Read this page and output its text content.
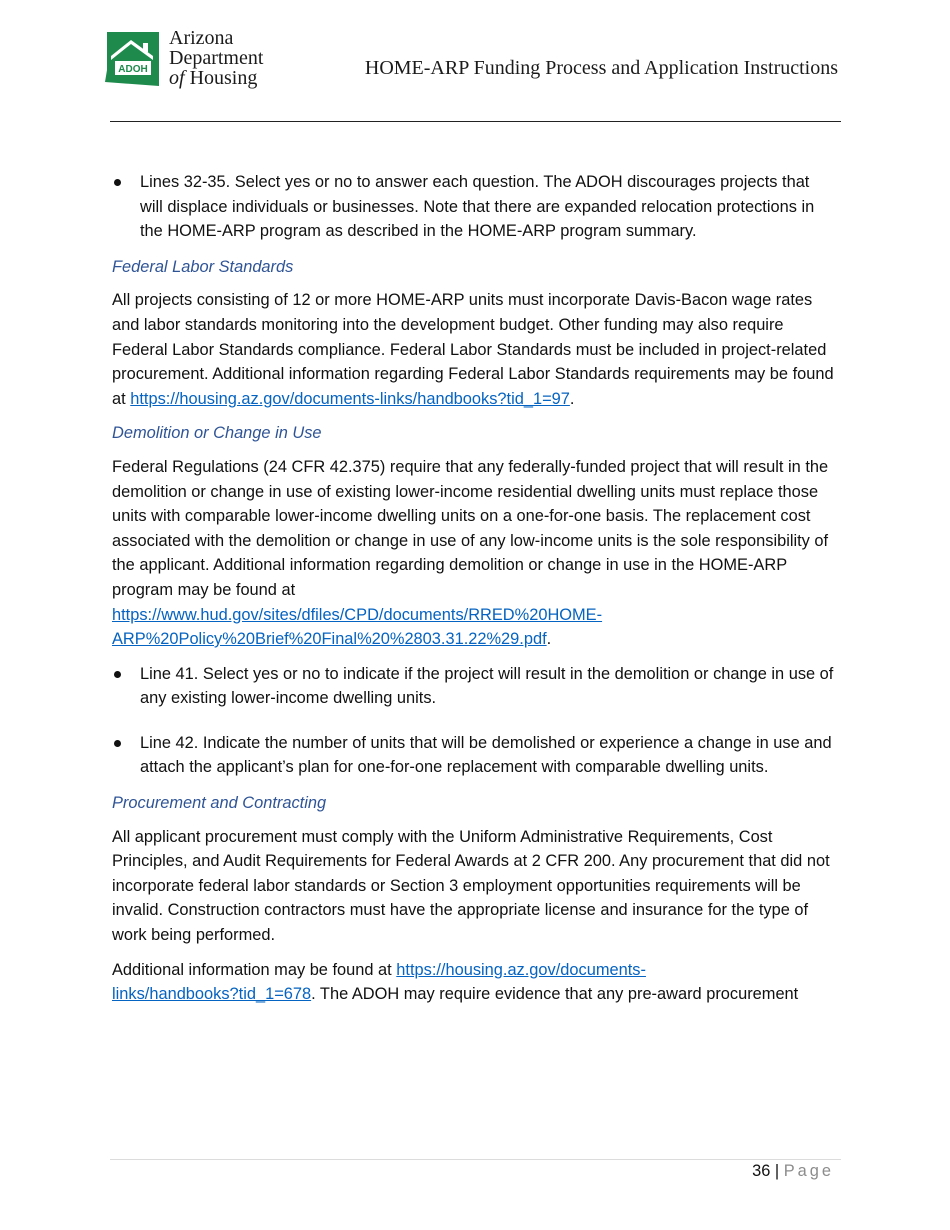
ADOH
Arizona
Department
of Housing	HOME-ARP Funding Process and Application Instructions
Lines 32-35. Select yes or no to answer each question. The ADOH discourages projects that will displace individuals or businesses. Note that there are expanded relocation protections in the HOME-ARP program as described in the HOME-ARP program summary.
Federal Labor Standards

All projects consisting of 12 or more HOME-ARP units must incorporate Davis-Bacon wage rates and labor standards monitoring into the development budget. Other funding may also require Federal Labor Standards compliance. Federal Labor Standards must be included in project-related procurement. Additional information regarding Federal Labor Standards requirements may be found at https://housing.az.gov/documents-links/handbooks?tid_1=97.

Demolition or Change in Use

Federal Regulations (24 CFR 42.375) require that any federally-funded project that will result in the demolition or change in use of existing lower-income residential dwelling units must replace those units with comparable lower-income dwelling units on a one-for-one basis. The replacement cost associated with the demolition or change in use of any low-income units is the sole responsibility of the applicant. Additional information regarding demolition or change in use in the HOME-ARP program may be found at
https://www.hud.gov/sites/dfiles/CPD/documents/RRED%20HOME-
ARP%20Policy%20Brief%20Final%20%2803.31.22%29.pdf.

Line 41. Select yes or no to indicate if the project will result in the demolition or change in use of any existing lower-income dwelling units.
Line 42. Indicate the number of units that will be demolished or experience a change in use and attach the applicant’s plan for one-for-one replacement with comparable dwelling units.
Procurement and Contracting

All applicant procurement must comply with the Uniform Administrative Requirements, Cost Principles, and Audit Requirements for Federal Awards at 2 CFR 200. Any procurement that did not incorporate federal labor standards or Section 3 employment opportunities requirements will be invalid. Construction contractors must have the appropriate license and insurance for the type of work being performed.

Additional information may be found at https://housing.az.gov/documents-
links/handbooks?tid_1=678. The ADOH may require evidence that any pre-award procurement

36 | Page
